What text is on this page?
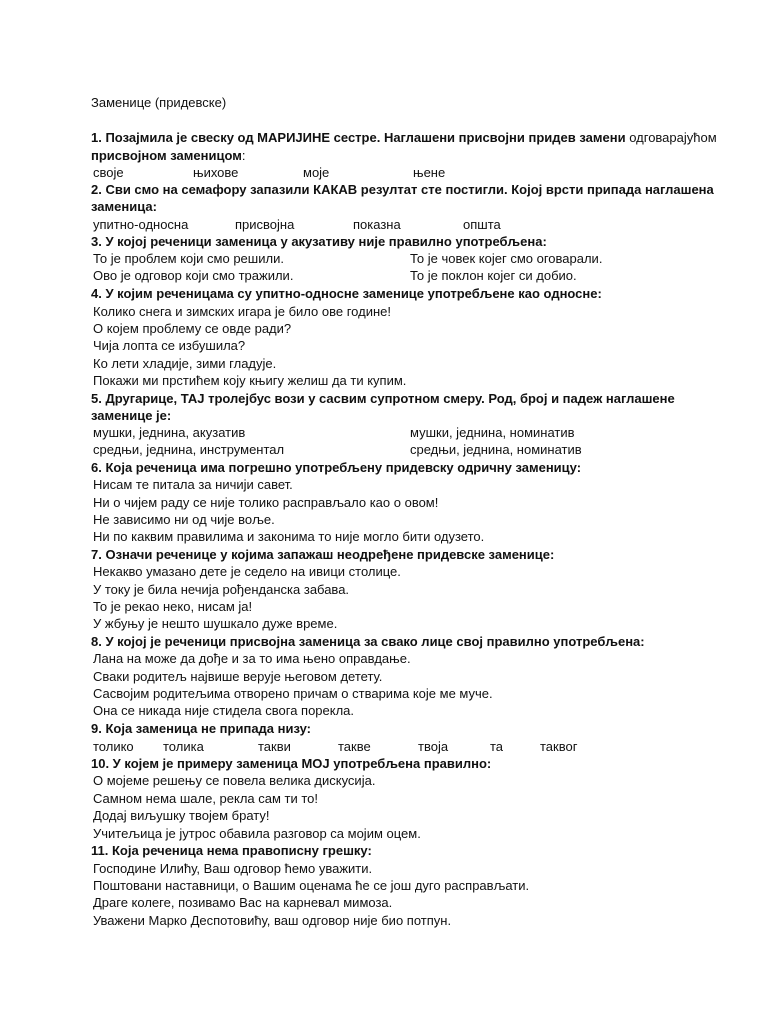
Заменице (придевске)
1. Позајмила је свеску од МАРИЈИНЕ сестре. Наглашени присвојни придев замени одговарајућом
присвојном заменицом:
своје	њихове	моје	њене
2. Сви смо на семафору запазили КАКАВ резултат сте постигли. Којој врсти припада наглашена
заменица:
упитно-односна	присвојна	показна	општа
3. У којој реченици заменица у акузативу није правилно употребљена:
То је проблем који смо решили.	То је човек којег смо оговарали.
Ово је одговор који смо тражили.	То је поклон којег си добио.
4. У којим реченицама су упитно-односне заменице употребљене као односне:
Колико снега и зимских игара је било ове године!
О којем проблему се овде ради?
Чија лопта се избушила?
Ко лети хладије, зими гладује.
Покажи ми прстићем коју књигу желиш да ти купим.
5. Другарице, ТАЈ тролејбус вози у сасвим супротном смеру. Род, број и падеж наглашене
заменице је:
мушки, једнина, акузатив	мушки, једнина, номинатив
средњи, једнина, инструментал	средњи, једнина, номинатив
6. Која реченица има погрешно употребљену придевску одричну заменицу:
Нисам те питала за ничији савет.
Ни о чијем раду се није толико расправљало као о овом!
Не зависимо ни од чије воље.
Ни по каквим правилима и законима то није могло бити одузето.
7. Означи реченице у којима запажаш неодређене придевске заменице:
Некакво умазано дете је седело на ивици столице.
У току је била нечија рођенданска забава.
То је рекао неко, нисам ја!
У жбуњу је нешто шушкало дуже време.
8. У којој је реченици присвојна заменица за свако лице свој правилно употребљена:
Лана на може да дође и за то има њено оправдање.
Сваки родитељ највише верује његовом детету.
Сасвојим родитељима отворено причам о стварима које ме муче.
Она се никада није стидела свога порекла.
9. Која заменица не припада низу:
толико толика	такви	такве	твоја	та	таквог
10. У којем је примеру заменица МОЈ употребљена правилно:
О мојеме решењу се повела велика дискусија.
Самном нема шале, рекла сам ти то!
Додај виљушку твојем брату!
Учитељица је јутрос обавила разговор са мојим оцем.
11. Која реченица нема правописну грешку:
Господине Илићу, Ваш одговор ћемо уважити.
Поштовани наставници, о Вашим оценама ће се још дуго расправљати.
Драге колеге, позивамо Вас на карневал мимоза.
Уважени Марко Деспотовићу, ваш одговор није био потпун.
